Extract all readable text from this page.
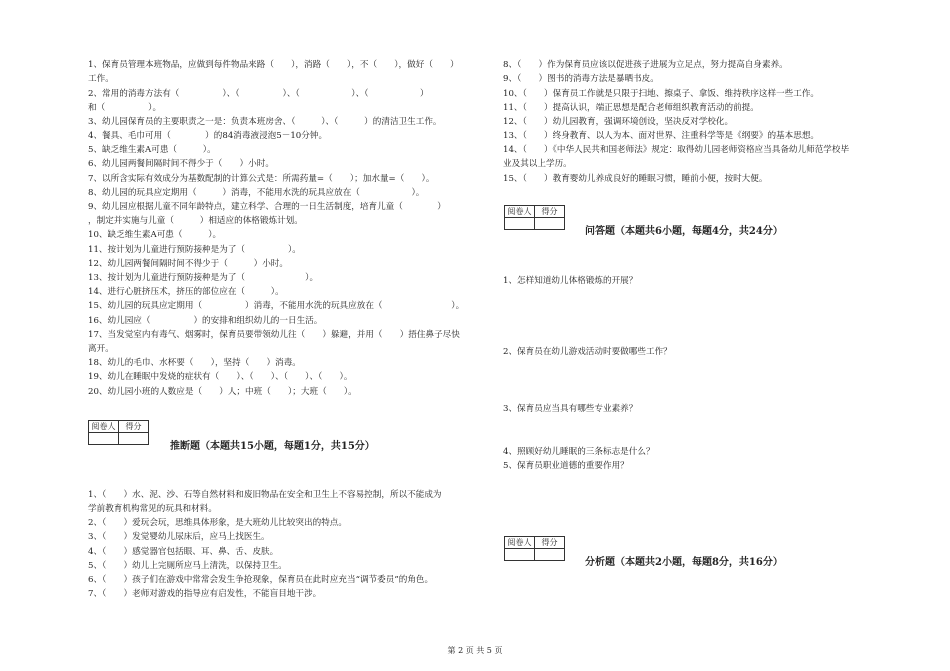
阅卷人	得分

推断题（本题共15小题，每题1分，共15分）
阅卷人	得分

问答题（本题共6小题，每题4分，共24分）
阅卷人	得分

分析题（本题共2小题，每题8分，共16分）
第 2 页 共 5 页
1、保育员管理本班物品，应做到每件物品来路（　　），消路（　　），不（　　），做好（　　）
工作。
2、常用的消毒方法有（　　　　　）、（　　　　　）、（　　　　　　）、（　　　　　　）
和（　　　　　）。
3、幼儿园保育员的主要职责之一是：负责本班房舍、（　　　）、（　　　）的清洁卫生工作。
4、餐具、毛巾可用（　　　　）的84消毒液浸泡5－10分钟。
5、缺乏维生素A可患（　　　）。
6、幼儿园两餐间隔时间不得少于（　　）小时。
7、以所含实际有效成分为基数配制的计算公式是：所需药量=（　　）；加水量=（　　）。
8、幼儿园的玩具应定期用（　　　）消毒，不能用水洗的玩具应放在（　　　　　　）。
9、幼儿园应根据儿童不同年龄特点，建立科学、合理的一日生活制度，培育儿童（　　　　）
，制定并实施与儿童（　　　）相适应的体格锻炼计划。
10、缺乏维生素A可患（　　　）。
11、按计划为儿童进行预防接种是为了（　　　　　）。
12、幼儿园两餐间隔时间不得少于（　　　）小时。
13、按计划为儿童进行预防接种是为了（　　　　　　　）。
14、进行心脏挤压术，挤压的部位应在（　　　）。
15、幼儿园的玩具应定期用（　　　　　）消毒，不能用水洗的玩具应放在（　　　　　　　　）。
16、幼儿园应（　　　　　）的安排和组织幼儿的一日生活。
17、当发觉室内有毒气、烟雾时，保育员要带领幼儿往（　　）躲避，并用（　　）捂住鼻子尽快
离开。
18、幼儿的毛巾、水杯要（　　），坚持（　　）消毒。
19、幼儿在睡眠中发烧的症状有（　　）、（　　）、（　　）、（　　）。
20、幼儿园小班的人数应是（　　）人；中班（　　）；大班（　　）。
1、（　　）水、泥、沙、石等自然材料和废旧物品在安全和卫生上不容易控制，所以不能成为
学前教育机构常见的玩具和材料。
2、（　　）爱玩会玩，思维具体形象，是大班幼儿比较突出的特点。
3、（　　）发觉婴幼儿尿床后，应马上找医生。
4、（　　）感觉器官包括眼、耳、鼻、舌、皮肤。
5、（　　）幼儿上完厕所应马上清洗，以保持卫生。
6、（　　）孩子们在游戏中常常会发生争抢现象，保育员在此时应充当“调节委员”的角色。
7、（　　）老师对游戏的指导应有启发性，不能盲目地干涉。
8、（　　）作为保育员应该以促进孩子进展为立足点，努力提高自身素养。
9、（　　）图书的消毒方法是暴晒书皮。
10、（　　）保育员工作就是只限于扫地、擦桌子、拿饭、维持秩序这样一些工作。
11、（　　）提高认识，端正思想是配合老师组织教育活动的前提。
12、（　　）幼儿园教育，强调环境创设，坚决反对学校化。
13、（　　）终身教育、以人为本、面对世界、注重科学等是《纲要》的基本思想。
14、（　　）《中华人民共和国老师法》规定：取得幼儿园老师资格应当具备幼儿师范学校毕
业及其以上学历。
15、（　　）教育婴幼儿养成良好的睡眠习惯，睡前小便，按时大便。
1、怎样知道幼儿体格锻炼的开展？
2、保育员在幼儿游戏活动时要做哪些工作？
3、保育员应当具有哪些专业素养？
4、照顾好幼儿睡眠的三条标志是什么？
5、保育员职业道德的重要作用？
